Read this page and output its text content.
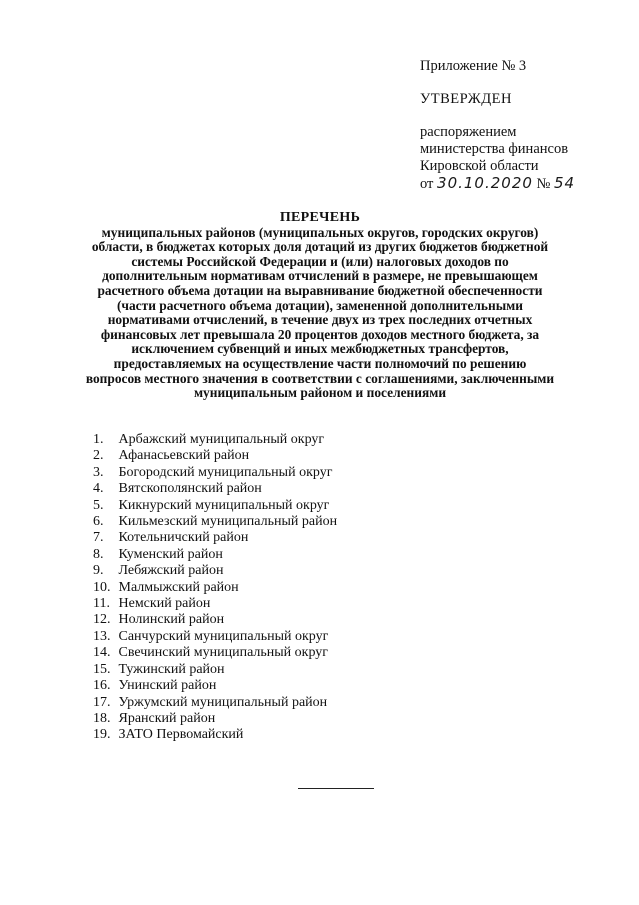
Приложение № 3

УТВЕРЖДЕН

распоряжением

министерства финансов

Кировской области

от 30.10.2020 № 54

ПЕРЕЧЕНЬ

муниципальных районов (муниципальных округов, городских округов) области, в бюджетах которых доля дотаций из других бюджетов бюджетной системы Российской Федерации и (или) налоговых доходов по дополнительным нормативам отчислений в размере, не превышающем расчетного объема дотации на выравнивание бюджетной обеспеченности (части расчетного объема дотации), замененной дополнительными нормативами отчислений, в течение двух из трех последних отчетных финансовых лет превышала 20 процентов доходов местного бюджета, за исключением субвенций и иных межбюджетных трансфертов, предоставляемых на осуществление части полномочий по решению вопросов местного значения в соответствии с соглашениями, заключенными муниципальным районом и поселениями

1.
	Арбажский муниципальный округ
2.
	Афанасьевский район
3.
	Богородский муниципальный округ
4.
	Вятскополянский район
5.
	Кикнурский муниципальный округ
6.
	Кильмезский муниципальный район
7.
	Котельничский район
8.
	Куменский район
9.
	Лебяжский район
10.
Малмыжский район
11.
Немский район
12.
Нолинский район
13.
Санчурский муниципальный округ
14.
Свечинский муниципальный округ
15.
Тужинский район
16.
Унинский район
17.
Уржумский муниципальный район
18.
Яранский район
19.
ЗАТО Первомайский
